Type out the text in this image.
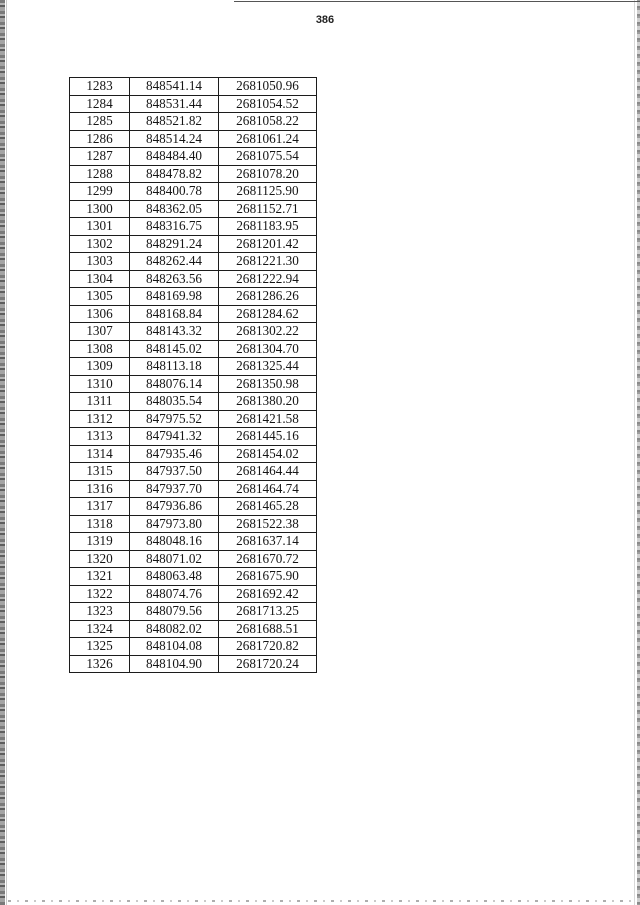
386
1283	848541.14	2681050.96
1284	848531.44	2681054.52
1285	848521.82	2681058.22
1286	848514.24	2681061.24
1287	848484.40	2681075.54
1288	848478.82	2681078.20
1299	848400.78	2681125.90
1300	848362.05	2681152.71
1301	848316.75	2681183.95
1302	848291.24	2681201.42
1303	848262.44	2681221.30
1304	848263.56	2681222.94
1305	848169.98	2681286.26
1306	848168.84	2681284.62
1307	848143.32	2681302.22
1308	848145.02	2681304.70
1309	848113.18	2681325.44
1310	848076.14	2681350.98
1311	848035.54	2681380.20
1312	847975.52	2681421.58
1313	847941.32	2681445.16
1314	847935.46	2681454.02
1315	847937.50	2681464.44
1316	847937.70	2681464.74
1317	847936.86	2681465.28
1318	847973.80	2681522.38
1319	848048.16	2681637.14
1320	848071.02	2681670.72
1321	848063.48	2681675.90
1322	848074.76	2681692.42
1323	848079.56	2681713.25
1324	848082.02	2681688.51
1325	848104.08	2681720.82
1326	848104.90	2681720.24
